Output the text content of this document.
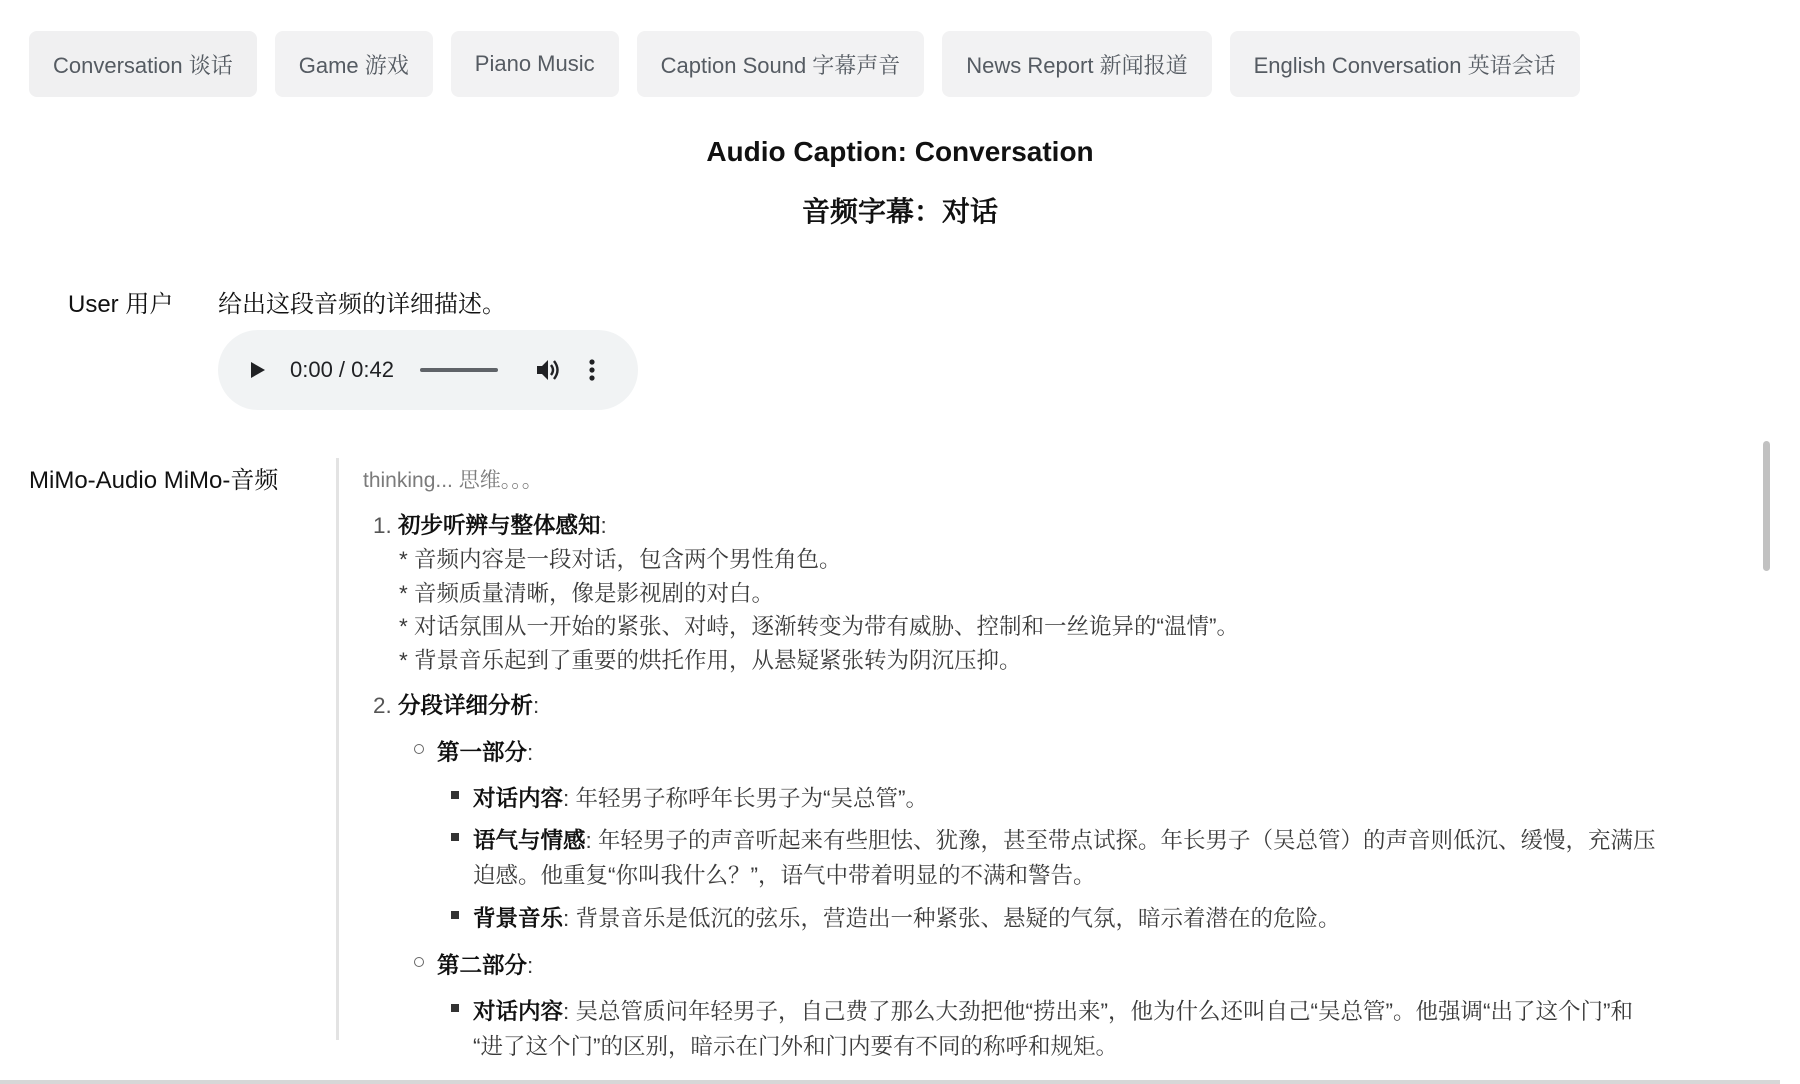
Conversation 谈话	Game 游戏	Piano Music	Caption Sound 字幕声音	News Report 新闻报道	English Conversation 英语会话
Audio Caption: Conversation
音频字幕：对话
User 用户 给出这段音频的详细描述。
0:00 / 0:42
MiMo-Audio MiMo-音频	thinking... 思维。。。
1. 初步听辨与整体感知:
* 音频内容是一段对话，包含两个男性角色。
* 音频质量清晰，像是影视剧的对白。
* 对话氛围从一开始的紧张、对峙，逐渐转变为带有威胁、控制和一丝诡异的“温情”。
* 背景音乐起到了重要的烘托作用，从悬疑紧张转为阴沉压抑。
2. 分段详细分析:
第一部分:
对话内容: 年轻男子称呼年长男子为“吴总管”。
语气与情感: 年轻男子的声音听起来有些胆怯、犹豫，甚至带点试探。年长男子（吴总管）的声音则低沉、缓慢，充满压
迫感。他重复“你叫我什么？”，语气中带着明显的不满和警告。
背景音乐: 背景音乐是低沉的弦乐，营造出一种紧张、悬疑的气氛，暗示着潜在的危险。
第二部分:
对话内容: 吴总管质问年轻男子，自己费了那么大劲把他“捞出来”，他为什么还叫自己“吴总管”。他强调“出了这个门”和
“进了这个门”的区别，暗示在门外和门内要有不同的称呼和规矩。
